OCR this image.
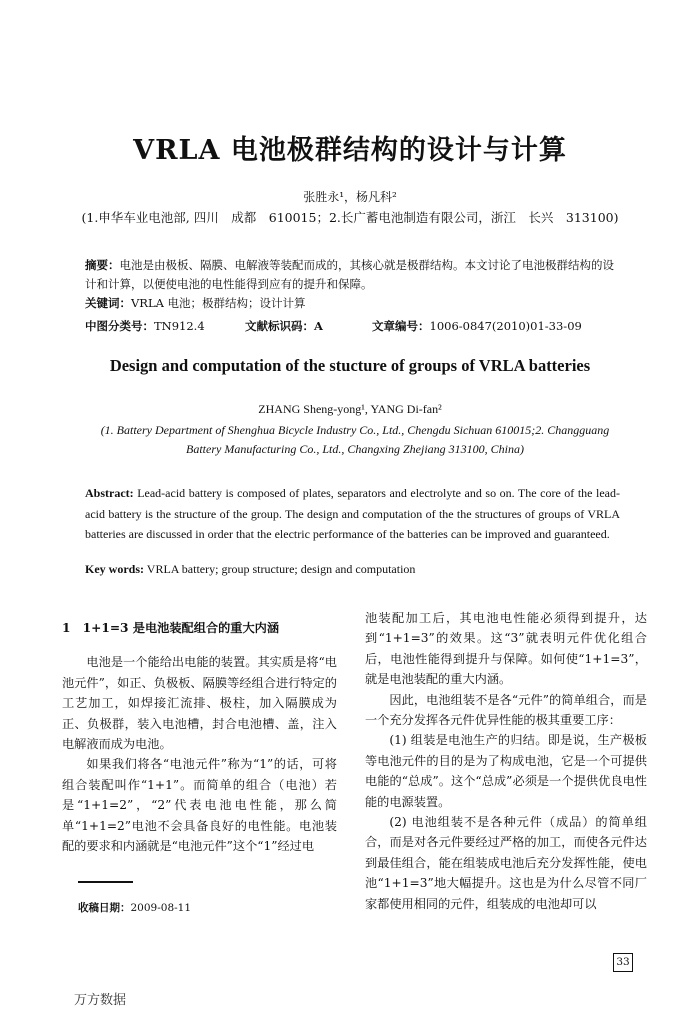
VRLA 电池极群结构的设计与计算
张胜永¹，杨凡科²
(1.申华车业电池部, 四川　成都　610015；2.长广蓄电池制造有限公司，浙江　长兴　313100)
摘要：电池是由极板、隔膜、电解液等装配而成的，其核心就是极群结构。本文讨论了电池极群结构的设计和计算，以便使电池的电性能得到应有的提升和保障。
关键词：VRLA 电池；极群结构；设计计算
中图分类号：TN912.4	文献标识码：A	文章编号：1006-0847(2010)01-33-09
Design and computation of the stucture of groups of VRLA batteries
ZHANG Sheng-yong¹, YANG Di-fan²
(1. Battery Department of Shenghua Bicycle Industry Co., Ltd., Chengdu Sichuan 610015;2. Changguang Battery Manufacturing Co., Ltd., Changxing Zhejiang 313100, China)
Abstract: Lead-acid battery is composed of plates, separators and electrolyte and so on. The core of the lead-acid battery is the structure of the group. The design and computation of the the structures of groups of VRLA batteries are discussed in order that the electric performance of the batteries can be improved and guaranteed.
Key words: VRLA battery; group structure; design and computation
1　1+1=3 是电池装配组合的重大内涵

电池是一个能给出电能的装置。其实质是将“电池元件”，如正、负极板、隔膜等经组合进行特定的工艺加工，如焊接汇流排、极柱，加入隔膜成为正、负极群，装入电池槽，封合电池槽、盖，注入电解液而成为电池。

如果我们将各“电池元件”称为“1”的话，可将组合装配叫作“1+1”。而简单的组合（电池）若是“1+1=2”，“2”代表电池电性能，那么简单“1+1=2”电池不会具备良好的电性能。电池装配的要求和内涵就是“电池元件”这个“1”经过电

池装配加工后，其电池电性能必须得到提升，达到“1+1=3”的效果。这“3”就表明元件优化组合后，电池性能得到提升与保障。如何使“1+1=3”，就是电池装配的重大内涵。

因此，电池组装不是各“元件”的简单组合，而是一个充分发挥各元件优异性能的极其重要工序：

(1) 组装是电池生产的归结。即是说，生产极板等电池元件的目的是为了构成电池，它是一个可提供电能的“总成”。这个“总成”必须是一个提供优良电性能的电源装置。

(2) 电池组装不是各种元件（成品）的简单组合，而是对各元件要经过严格的加工，而使各元件达到最佳组合，能在组装成电池后充分发挥性能，使电池“1+1=3”地大幅提升。这也是为什么尽管不同厂家都使用相同的元件，组装成的电池却可以

收稿日期：2009-08-11
33
万方数据
